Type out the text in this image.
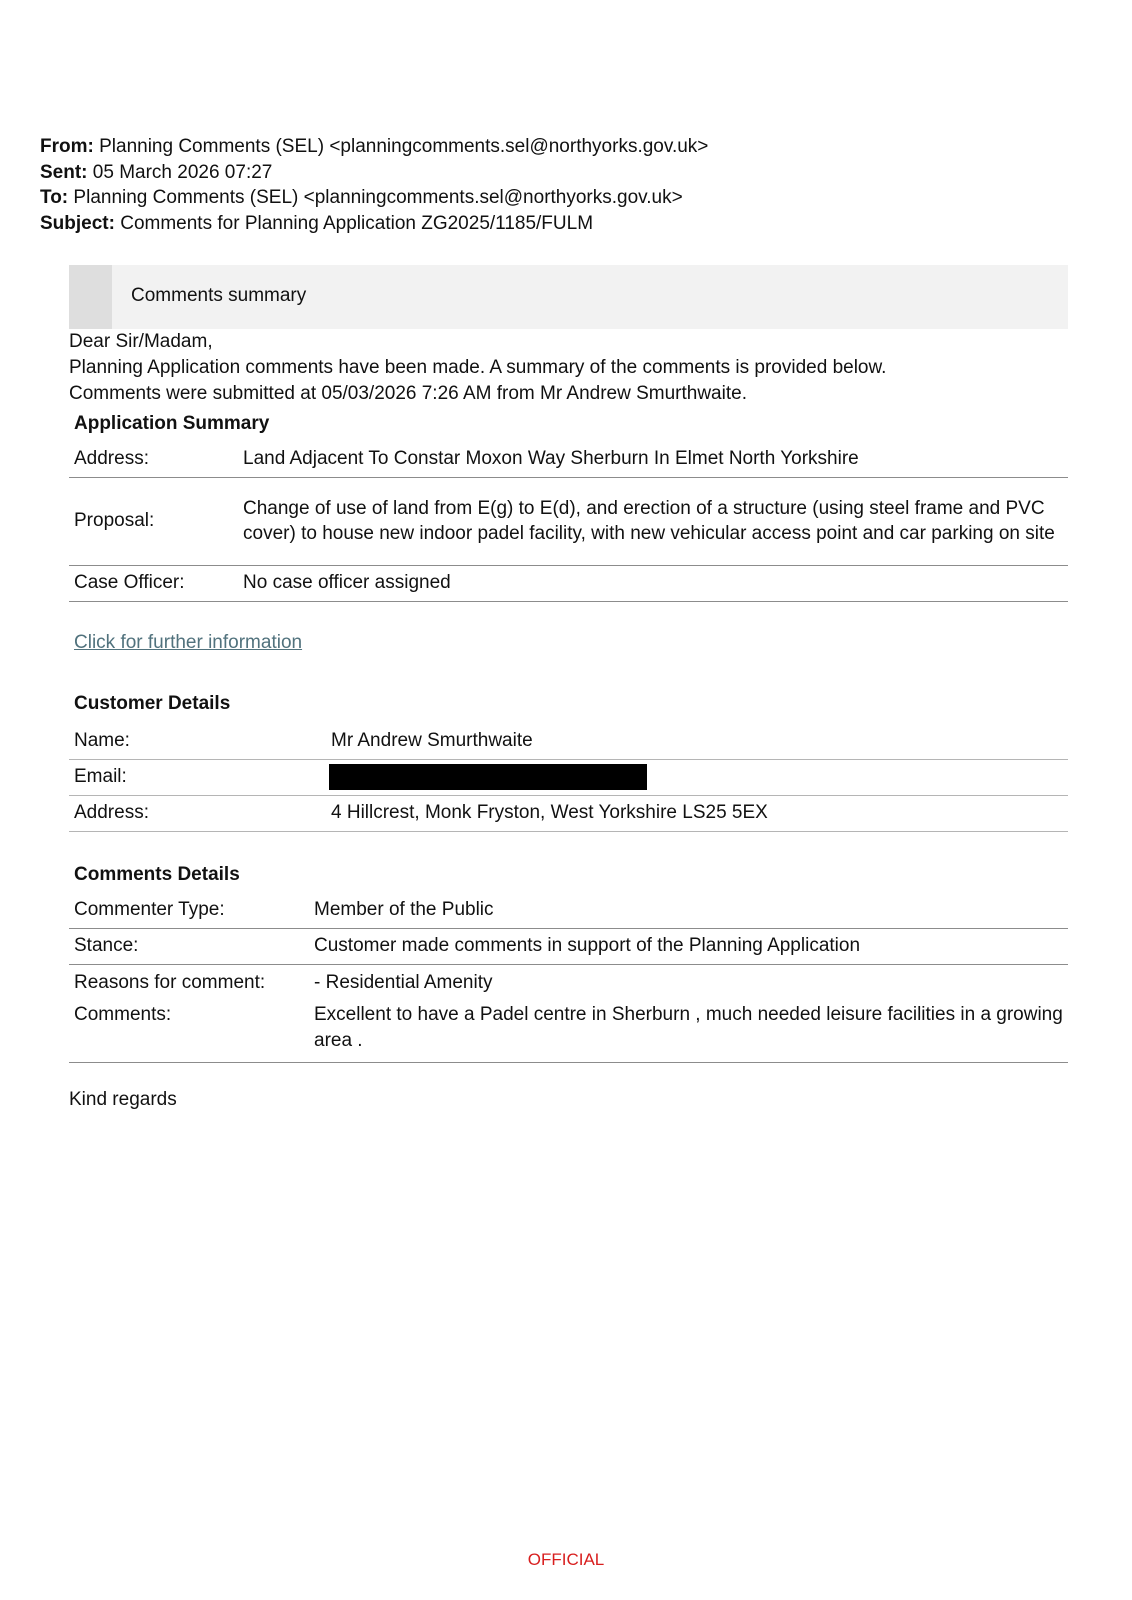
From: Planning Comments (SEL) <planningcomments.sel@northyorks.gov.uk>
Sent: 05 March 2026 07:27
To: Planning Comments (SEL) <planningcomments.sel@northyorks.gov.uk>
Subject: Comments for Planning Application ZG2025/1185/FULM
Comments summary
Dear Sir/Madam,
Planning Application comments have been made. A summary of the comments is provided below.
Comments were submitted at 05/03/2026 7:26 AM from Mr Andrew Smurthwaite.
Application Summary
Address:	Land Adjacent To Constar Moxon Way Sherburn In Elmet North Yorkshire
Proposal:	Change of use of land from E(g) to E(d), and erection of a structure (using steel frame and PVC cover) to house new indoor padel facility, with new vehicular access point and car parking on site
Case Officer:	No case officer assigned
Click for further information
Customer Details
Name:	Mr Andrew Smurthwaite
Email:	
Address:	4 Hillcrest, Monk Fryston, West Yorkshire LS25 5EX
Comments Details
Commenter Type:	Member of the Public
Stance:	Customer made comments in support of the Planning Application
Reasons for comment:	- Residential Amenity
Comments:	Excellent to have a Padel centre in Sherburn , much needed leisure facilities in a growing area .
Kind regards
OFFICIAL
